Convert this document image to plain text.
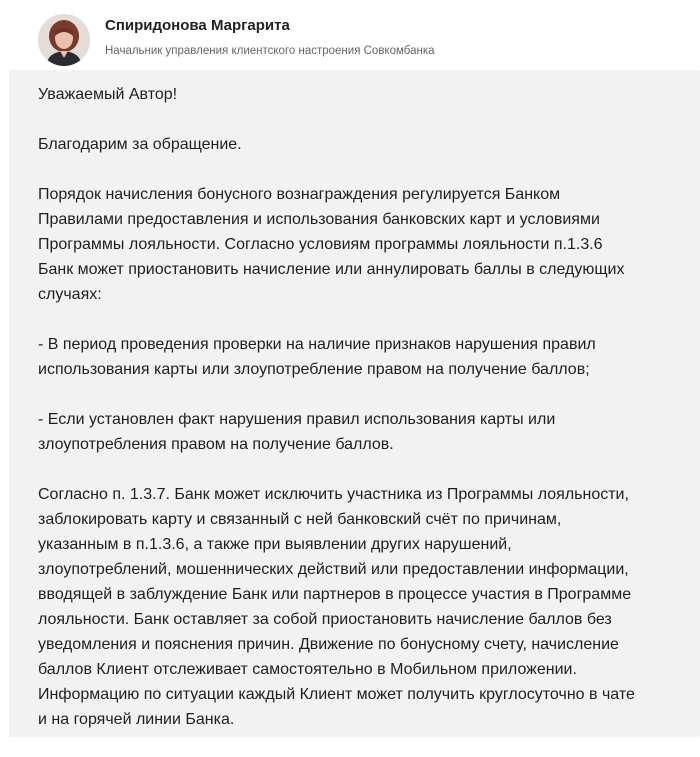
Спиридонова Маргарита
Начальник управления клиентского настроения Совкомбанка

Уважаемый Автор!

Благодарим за обращение.

Порядок начисления бонусного вознаграждения регулируется Банком
Правилами предоставления и использования банковских карт и условиями
Программы лояльности. Согласно условиям программы лояльности п.1.3.6
Банк может приостановить начисление или аннулировать баллы в следующих
случаях:

- В период проведения проверки на наличие признаков нарушения правил
использования карты или злоупотребление правом на получение баллов;

- Если установлен факт нарушения правил использования карты или
злоупотребления правом на получение баллов.

Согласно п. 1.3.7. Банк может исключить участника из Программы лояльности,
заблокировать карту и связанный с ней банковский счёт по причинам,
указанным в п.1.3.6, а также при выявлении других нарушений,
злоупотреблений, мошеннических действий или предоставлении информации,
вводящей в заблуждение Банк или партнеров в процессе участия в Программе
лояльности. Банк оставляет за собой приостановить начисление баллов без
уведомления и пояснения причин. Движение по бонусному счету, начисление
баллов Клиент отслеживает самостоятельно в Мобильном приложении.
Информацию по ситуации каждый Клиент может получить круглосуточно в чате
и на горячей линии Банка.
